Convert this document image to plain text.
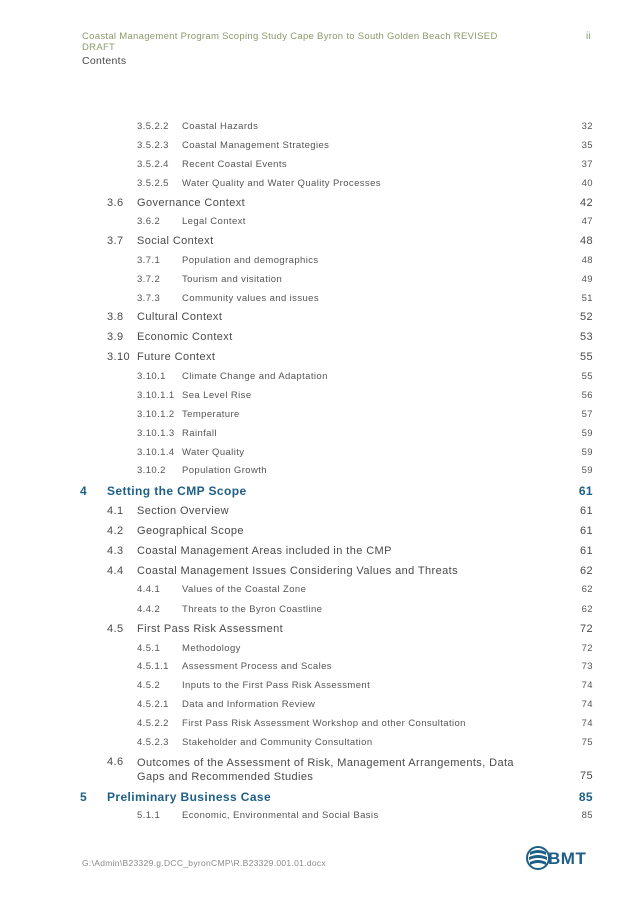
Coastal Management Program Scoping Study Cape Byron to South Golden Beach REVISED DRAFT
Contents
ii
3.5.2.2 Coastal Hazards	32
3.5.2.3 Coastal Management Strategies	35
3.5.2.4 Recent Coastal Events	37
3.5.2.5 Water Quality and Water Quality Processes	40
3.6 Governance Context	42
3.6.2 Legal Context	47
3.7 Social Context	48
3.7.1 Population and demographics	48
3.7.2 Tourism and visitation	49
3.7.3 Community values and issues	51
3.8 Cultural Context	52
3.9 Economic Context	53
3.10 Future Context	55
3.10.1 Climate Change and Adaptation	55
3.10.1.1 Sea Level Rise	56
3.10.1.2 Temperature	57
3.10.1.3 Rainfall	59
3.10.1.4 Water Quality	59
3.10.2 Population Growth	59
4 Setting the CMP Scope	61
4.1 Section Overview	61
4.2 Geographical Scope	61
4.3 Coastal Management Areas included in the CMP	61
4.4 Coastal Management Issues Considering Values and Threats	62
4.4.1 Values of the Coastal Zone	62
4.4.2 Threats to the Byron Coastline	62
4.5 First Pass Risk Assessment	72
4.5.1 Methodology	72
4.5.1.1 Assessment Process and Scales	73
4.5.2 Inputs to the First Pass Risk Assessment	74
4.5.2.1 Data and Information Review	74
4.5.2.2 First Pass Risk Assessment Workshop and other Consultation	74
4.5.2.3 Stakeholder and Community Consultation	75
4.6 Outcomes of the Assessment of Risk, Management Arrangements, Data Gaps and Recommended Studies	75
5 Preliminary Business Case	85
5.1.1 Economic, Environmental and Social Basis	85
G:\Admin\B23329.g.DCC_byronCMP\R.B23329.001.01.docx	BMT
